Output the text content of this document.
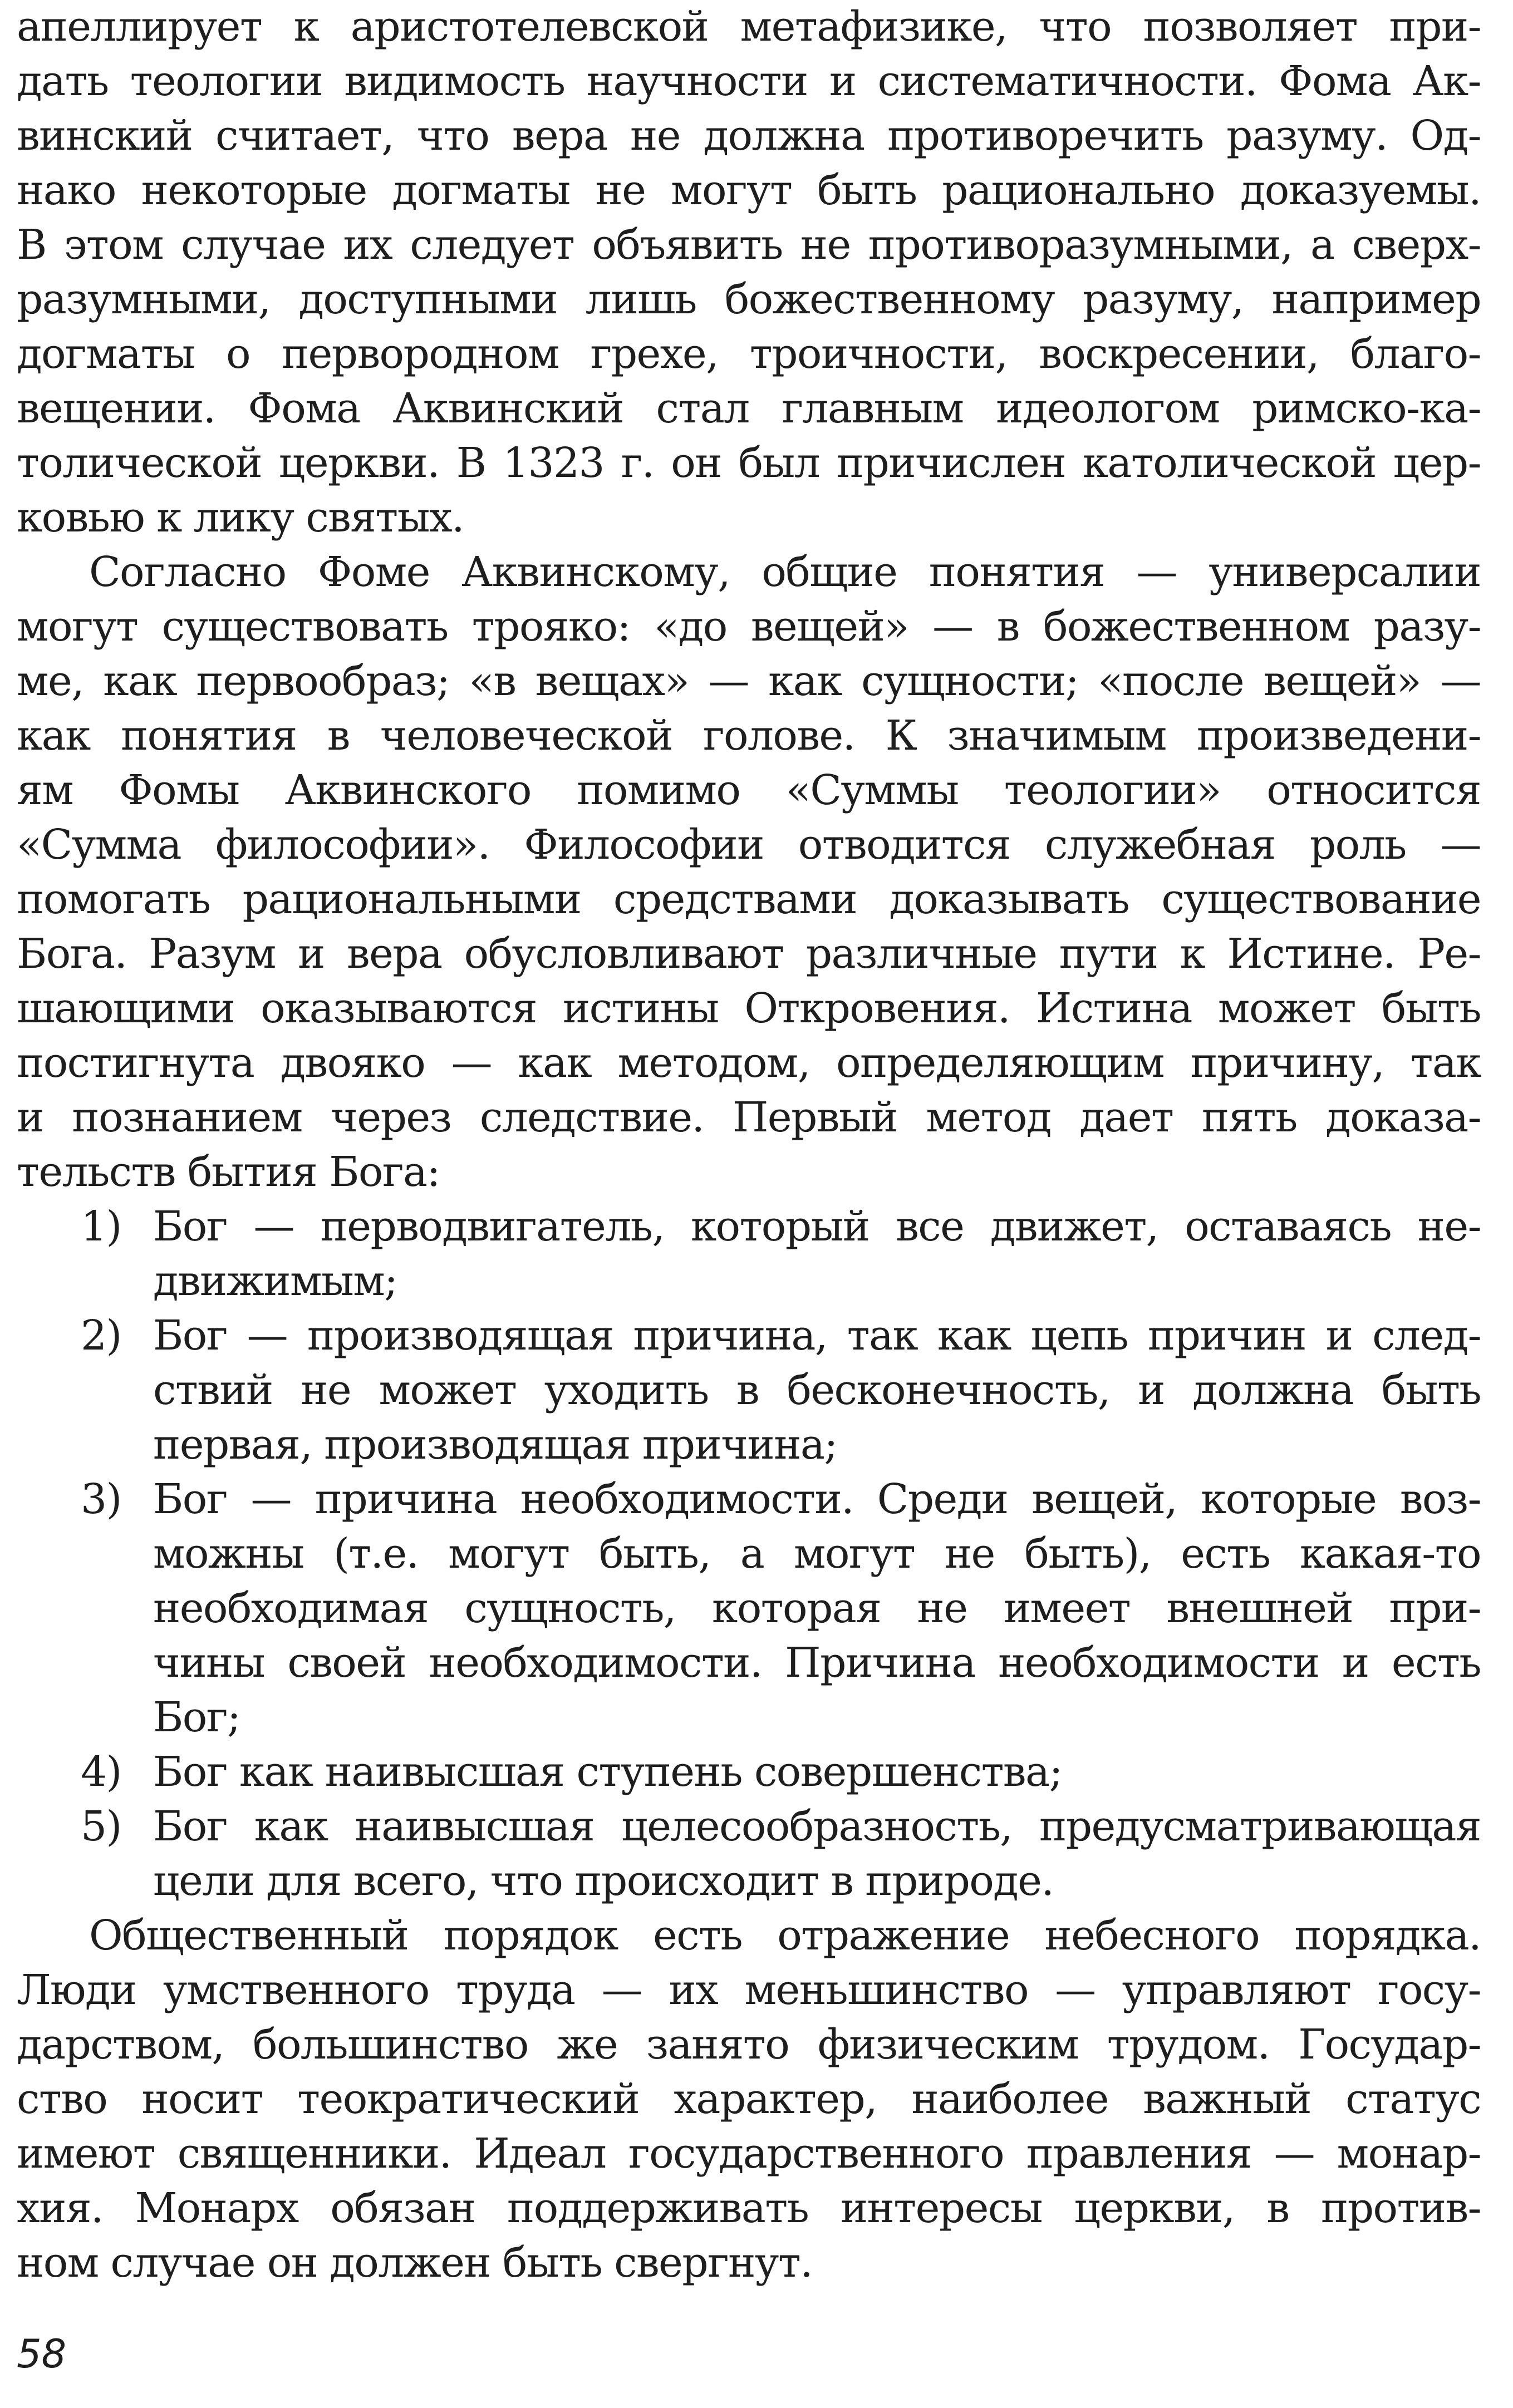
апеллирует к аристотелевской метафизике, что позволяет при-
дать теологии видимость научности и систематичности. Фома Ак-
винский считает, что вера не должна противоречить разуму. Од-
нако некоторые догматы не могут быть рационально доказуемы.
В этом случае их следует объявить не противоразумными, а сверх-
разумными, доступными лишь божественному разуму, например
догматы о первородном грехе, троичности, воскресении, благо-
вещении. Фома Аквинский стал главным идеологом римско-ка-
толической церкви. В 1323 г. он был причислен католической цер-
ковью к лику святых.
Согласно Фоме Аквинскому, общие понятия — универсалии
могут существовать трояко: «до вещей» — в божественном разу-
ме, как первообраз; «в вещах» — как сущности; «после вещей» —
как понятия в человеческой голове. К значимым произведени-
ям Фомы Аквинского помимо «Суммы теологии» относится
«Сумма философии». Философии отводится служебная роль —
помогать рациональными средствами доказывать существование
Бога. Разум и вера обусловливают различные пути к Истине. Ре-
шающими оказываются истины Откровения. Истина может быть
постигнута двояко — как методом, определяющим причину, так
и познанием через следствие. Первый метод дает пять доказа-
тельств бытия Бога:
1) Бог — перводвигатель, который все движет, оставаясь не-
движимым;
2) Бог — производящая причина, так как цепь причин и след-
ствий не может уходить в бесконечность, и должна быть
первая, производящая причина;
3) Бог — причина необходимости. Среди вещей, которые воз-
можны (т.е. могут быть, а могут не быть), есть какая-то
необходимая сущность, которая не имеет внешней при-
чины своей необходимости. Причина необходимости и есть
Бог;
4) Бог как наивысшая ступень совершенства;
5) Бог как наивысшая целесообразность, предусматривающая
цели для всего, что происходит в природе.
Общественный порядок есть отражение небесного порядка.
Люди умственного труда — их меньшинство — управляют госу-
дарством, большинство же занято физическим трудом. Государ-
ство носит теократический характер, наиболее важный статус
имеют священники. Идеал государственного правления — монар-
хия. Монарх обязан поддерживать интересы церкви, в против-
ном случае он должен быть свергнут.
58
